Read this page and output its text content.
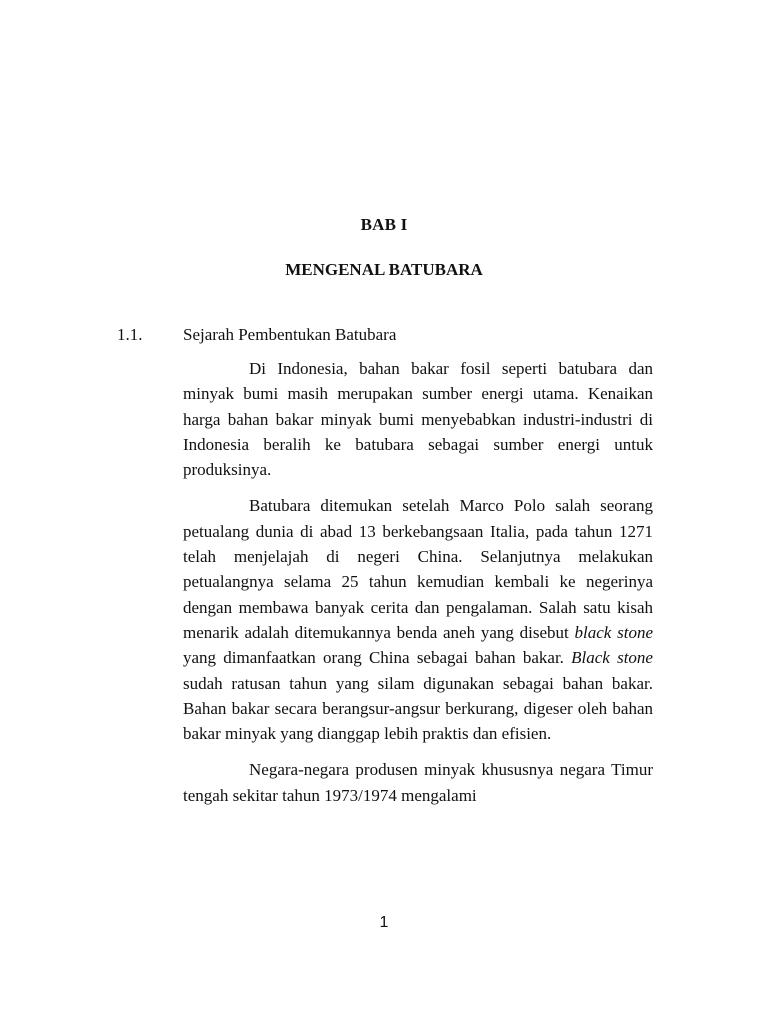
BAB I
MENGENAL BATUBARA
1.1. Sejarah Pembentukan Batubara

Di Indonesia, bahan bakar fosil seperti batubara dan minyak bumi masih merupakan sumber energi utama. Kenaikan harga bahan bakar minyak bumi menyebabkan industri-industri di Indonesia beralih ke batubara sebagai sumber energi untuk produksinya.

Batubara ditemukan setelah Marco Polo salah seorang petualang dunia di abad 13 berkebangsaan Italia, pada tahun 1271 telah menjelajah di negeri China. Selanjutnya melakukan petualangnya selama 25 tahun kemudian kembali ke negerinya dengan membawa banyak cerita dan pengalaman. Salah satu kisah menarik adalah ditemukannya benda aneh yang disebut black stone yang dimanfaatkan orang China sebagai bahan bakar. Black stone sudah ratusan tahun yang silam digunakan sebagai bahan bakar. Bahan bakar secara berangsur-angsur berkurang, digeser oleh bahan bakar minyak yang dianggap lebih praktis dan efisien.

Negara-negara produsen minyak khususnya negara Timur tengah sekitar tahun 1973/1974 mengalami

1
